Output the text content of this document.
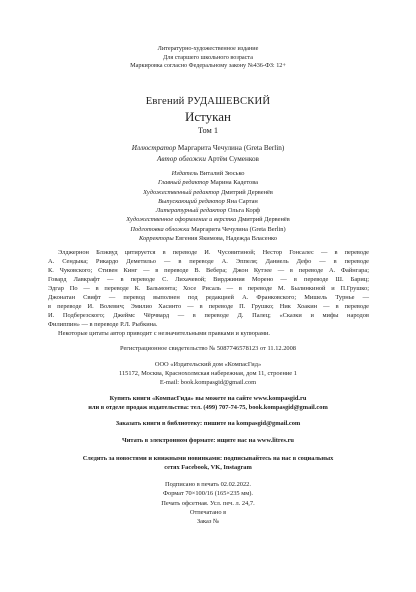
Литературно-художественное издание
Для старшего школьного возраста
Маркировка согласно Федеральному закону №436-ФЗ: 12+
Евгений РУДАШЕВСКИЙ
Истукан
Том 1
Иллюстратор Маргарита Чечулина (Greta Berlin)
Автор обложки Артём Суменков
Издатель Виталий Зюсько
Главный редактор Марина Кадетова
Художественный редактор Дмитрий Дервенёв
Выпускающий редактор Яна Сартан
Литературный редактор Ольга Корф
Художественное оформление и верстка Дмитрий Дервенёв
Подготовка обложки Маргарита Чечулина (Greta Berlin)
Корректоры Евгения Якимова, Надежда Власенко
Элджернон Блэквуд цитируется в переводе И. Чусовитиной; Нестор Гонсалес — в переводе
А. Сендыка; Рикардо Деметильо — в переводе А. Эппеля; Даниель Дефо — в переводе
К. Чуковского; Стивен Кинг — в переводе В. Вебера; Джон Кутзее — в переводе А. Файнгара;
Говард Лавкрафт — в переводе С. Лихачевой; Вирджиния Морено — в переводе Ш. Бариц;
Эдгар По — в переводе К. Бальмонта; Хосе Рисаль — в переводе М. Былинкиной и П.Грушко;
Джонатан Свифт — перевод выполнен под редакцией А. Франковского; Мишель Турнье —
в переводе И. Волевич; Эмилио Хасинто — в переводе П. Грушко; Ник Хоакин — в переводе
И. Подберезского; Джеймс Чёрчвард — в переводе Д. Палец; «Сказки и мифы народов
Филиппин» — в переводе Р.Л. Рыбкина.
Некоторые цитаты автор приводит с незначительными правками и купюрами.
Регистрационное свидетельство № 5087746578123 от 11.12.2008
ООО «Издательский дом «КомпасГид»
115172, Москва, Краснохолмская набережная, дом 11, строение 1
E-mail: book.kompasgid@gmail.com
Купить книги «КомпасГида» вы можете на сайте www.kompasgid.ru
или в отделе продаж издательства: тел. (499) 707-74-75, book.kompasgid@gmail.com
Заказать книги в библиотеку: пишите на kompasgid@gmail.com
Читать в электронном формате: ищите нас на www.litres.ru
Следить за новостями и книжными новинками: подписывайтесь на нас в социальных
сетях Facebook, VK, Instagram
Подписано в печать 02.02.2022.
Формат 70×100/16 (165×235 мм).
Печать офсетная. Усл. печ. л. 24,7.
Отпечатано в
Заказ №
